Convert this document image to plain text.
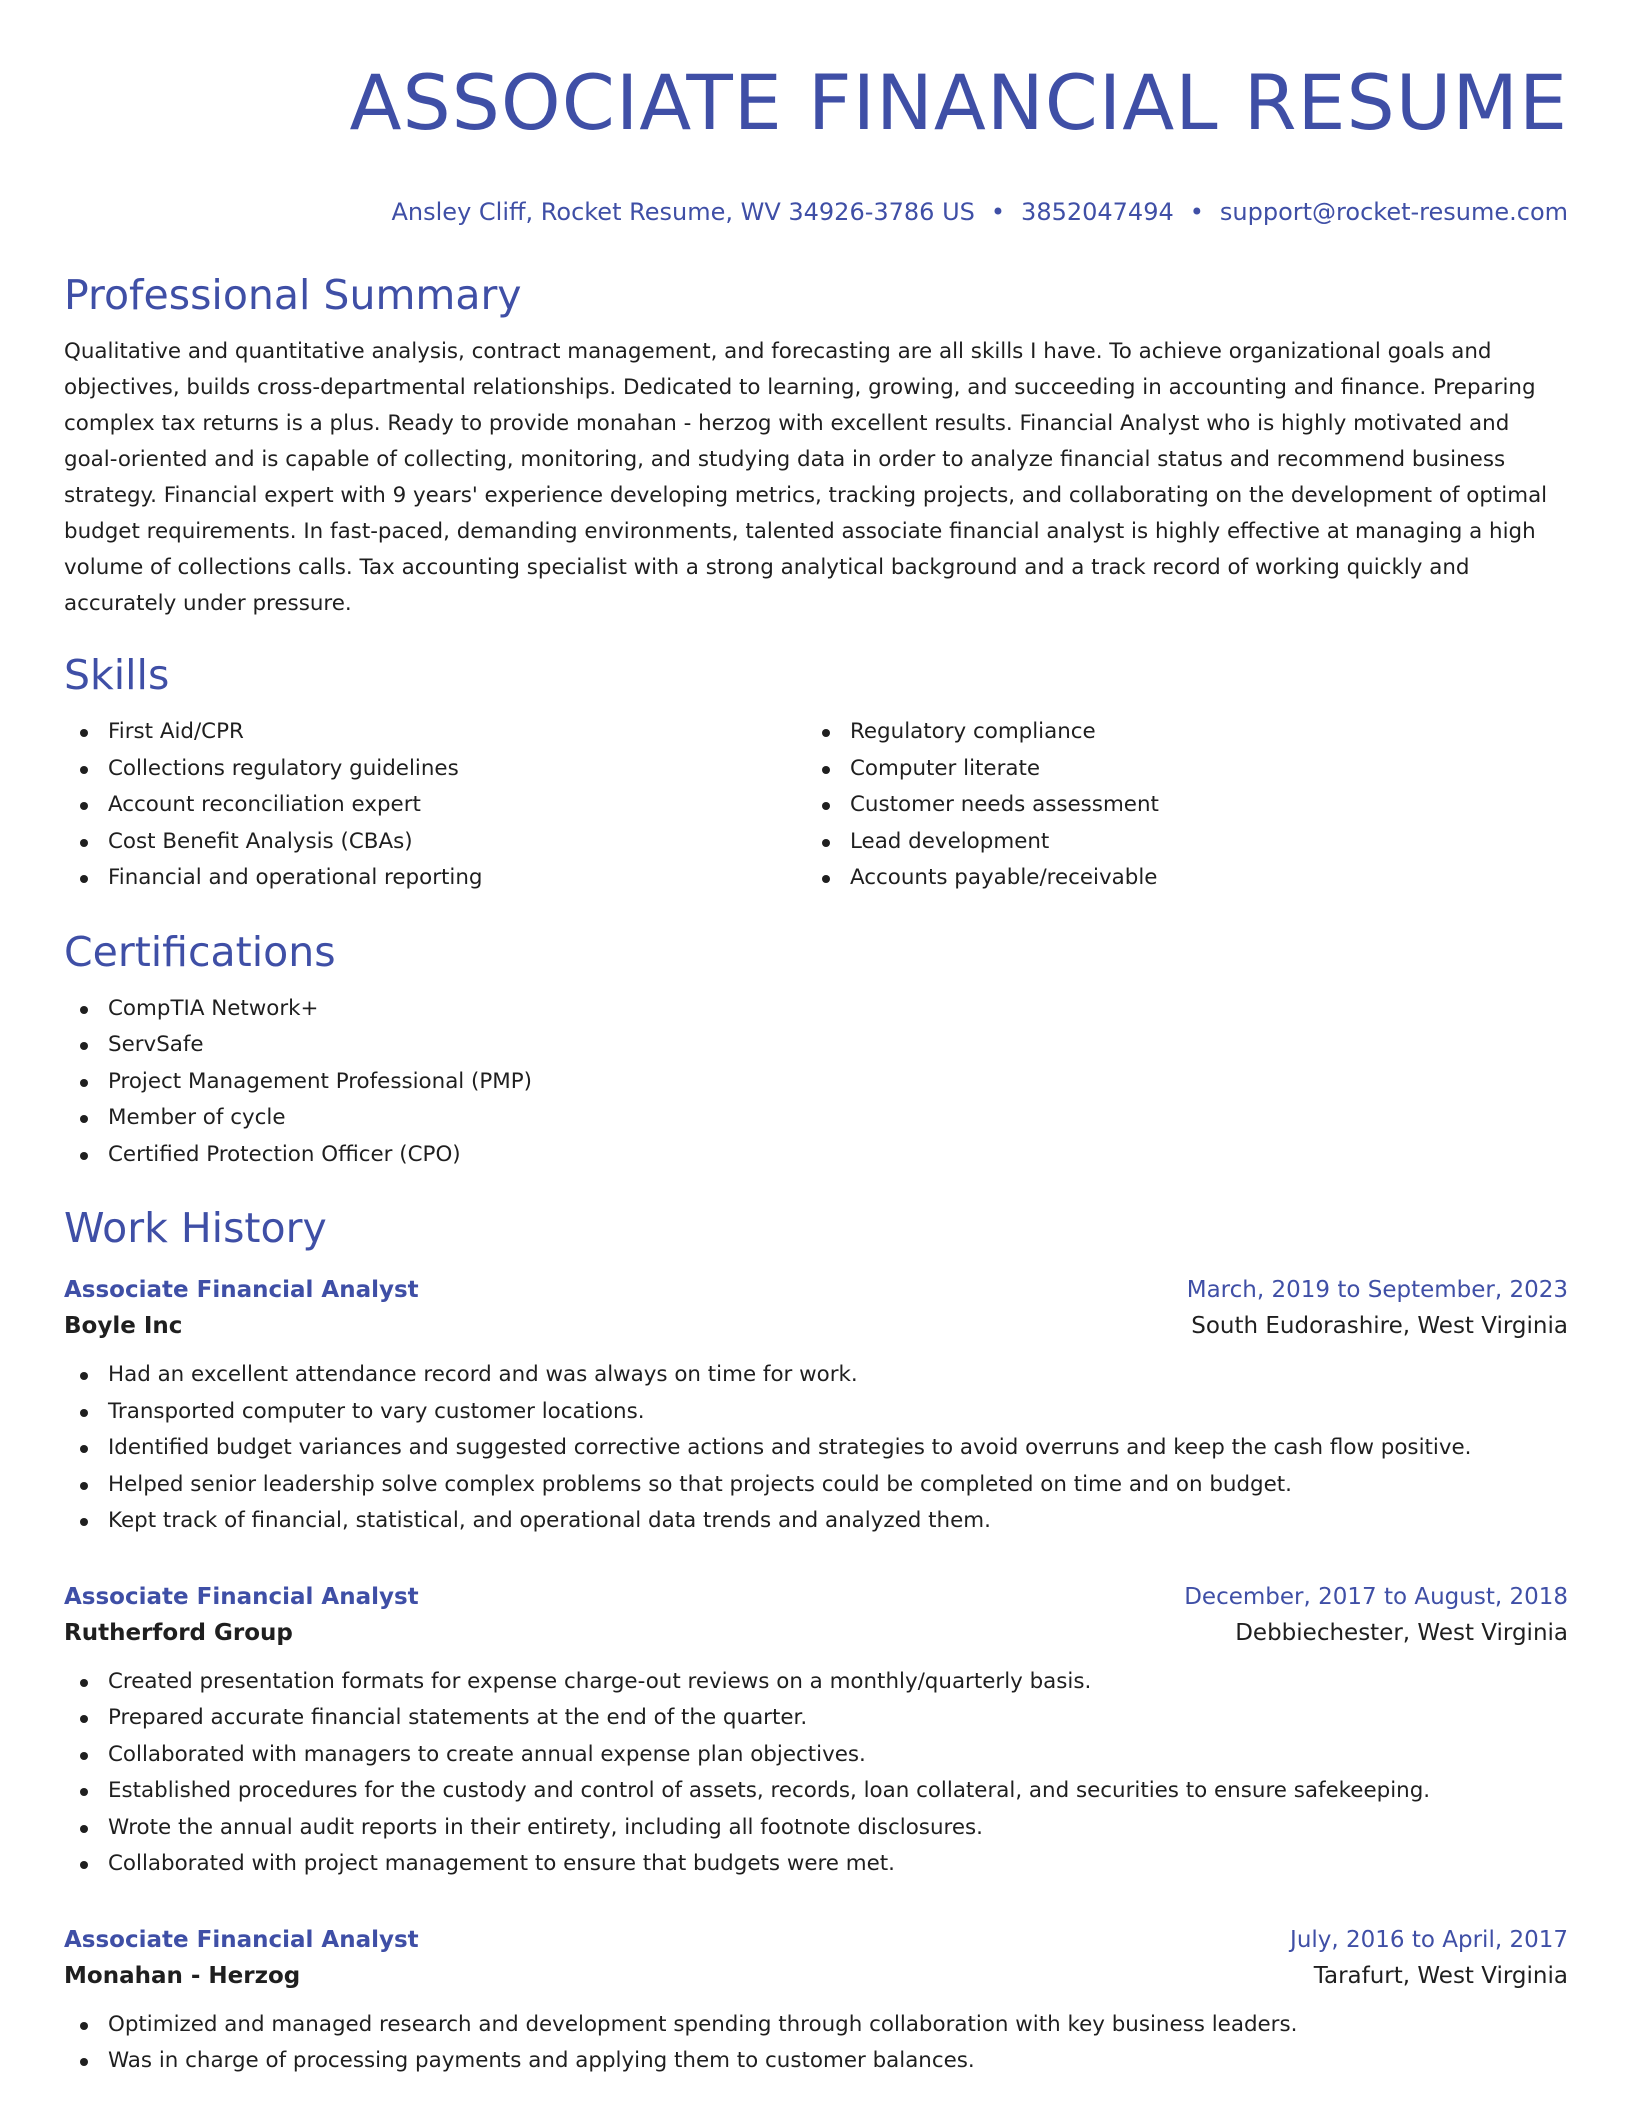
ASSOCIATE FINANCIAL RESUME
Ansley Cliff, Rocket Resume, WV 34926-3786 US • 3852047494 • support@rocket-resume.com
Professional Summary

Qualitative and quantitative analysis, contract management, and forecasting are all skills I have. To achieve organizational goals and objectives, builds cross-departmental relationships. Dedicated to learning, growing, and succeeding in accounting and finance. Preparing complex tax returns is a plus. Ready to provide monahan - herzog with excellent results. Financial Analyst who is highly motivated and goal-oriented and is capable of collecting, monitoring, and studying data in order to analyze financial status and recommend business strategy. Financial expert with 9 years' experience developing metrics, tracking projects, and collaborating on the development of optimal budget requirements. In fast-paced, demanding environments, talented associate financial analyst is highly effective at managing a high volume of collections calls. Tax accounting specialist with a strong analytical background and a track record of working quickly and accurately under pressure.

Skills
First Aid/CPR
Collections regulatory guidelines
Account reconciliation expert
Cost Benefit Analysis (CBAs)
Financial and operational reporting
Regulatory compliance
Computer literate
Customer needs assessment
Lead development
Accounts payable/receivable
Certifications
CompTIA Network+
ServSafe
Project Management Professional (PMP)
Member of cycle
Certified Protection Officer (CPO)
Work History
Associate Financial Analyst	March, 2019 to September, 2023
Boyle Inc	South Eudorashire, West Virginia
Had an excellent attendance record and was always on time for work.
Transported computer to vary customer locations.
Identified budget variances and suggested corrective actions and strategies to avoid overruns and keep the cash flow positive.
Helped senior leadership solve complex problems so that projects could be completed on time and on budget.
Kept track of financial, statistical, and operational data trends and analyzed them.
Associate Financial Analyst	December, 2017 to August, 2018
Rutherford Group	Debbiechester, West Virginia
Created presentation formats for expense charge-out reviews on a monthly/quarterly basis.
Prepared accurate financial statements at the end of the quarter.
Collaborated with managers to create annual expense plan objectives.
Established procedures for the custody and control of assets, records, loan collateral, and securities to ensure safekeeping.
Wrote the annual audit reports in their entirety, including all footnote disclosures.
Collaborated with project management to ensure that budgets were met.
Associate Financial Analyst	July, 2016 to April, 2017
Monahan - Herzog	Tarafurt, West Virginia
Optimized and managed research and development spending through collaboration with key business leaders.
Was in charge of processing payments and applying them to customer balances.
